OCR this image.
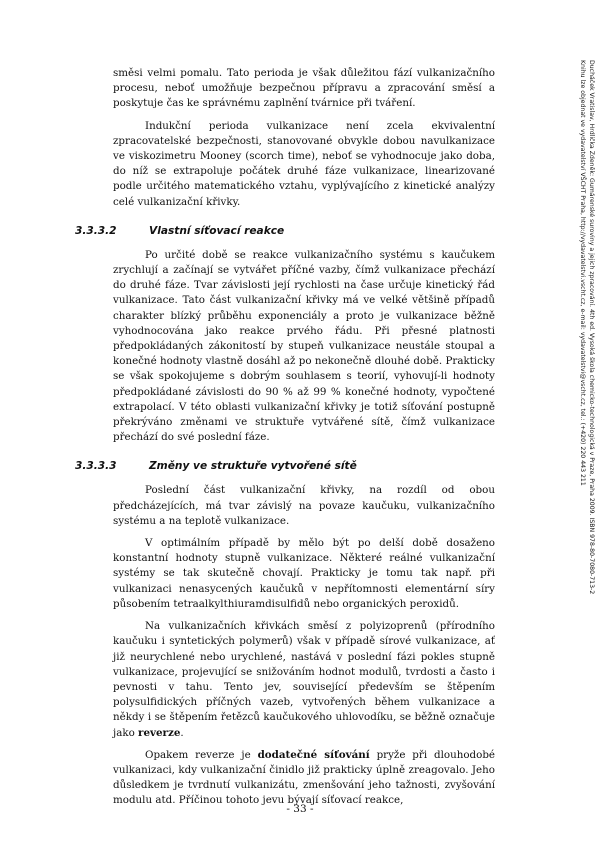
směsi velmi pomalu. Tato perioda je však důležitou fází vulkanizačního procesu, neboť umožňuje bezpečnou přípravu a zpracování směsí a poskytuje čas ke správnému zaplnění tvárnice při tváření.

Indukční perioda vulkanizace není zcela ekvivalentní zpracovatelské bezpečnosti, stanovované obvykle dobou navulkanizace ve viskozimetru Mooney (scorch time), neboť se vyhodnocuje jako doba, do níž se extrapoluje počátek druhé fáze vulkanizace, linearizované podle určitého matematického vztahu, vyplývajícího z kinetické analýzy celé vulkanizační křivky.

3.3.3.2	Vlastní síťovací reakce

Po určité době se reakce vulkanizačního systému s kaučukem zrychlují a začínají se vytvářet příčné vazby, čímž vulkanizace přechází do druhé fáze. Tvar závislosti její rychlosti na čase určuje kinetický řád vulkanizace. Tato část vulkanizační křivky má ve velké většině případů charakter blízký průběhu exponenciály a proto je vulkanizace běžně vyhodnocována jako reakce prvého řádu. Při přesné platnosti předpokládaných zákonitostí by stupeň vulkanizace neustále stoupal a konečné hodnoty vlastně dosáhl až po nekonečně dlouhé době. Prakticky se však spokojujeme s dobrým souhlasem s teorií, vyhovují-li hodnoty předpokládané závislosti do 90 % až 99 % konečné hodnoty, vypočtené extrapolací. V této oblasti vulkanizační křivky je totiž síťování postupně překrýváno změnami ve struktuře vytvářené sítě, čímž vulkanizace přechází do své poslední fáze.

3.3.3.3	Změny ve struktuře vytvořené sítě

Poslední část vulkanizační křivky, na rozdíl od obou předcházejících, má tvar závislý na povaze kaučuku, vulkanizačního systému a na teplotě vulkanizace.

V optimálním případě by mělo být po delší době dosaženo konstantní hodnoty stupně vulkanizace. Některé reálné vulkanizační systémy se tak skutečně chovají. Prakticky je tomu tak např. při vulkanizaci nenasycených kaučuků v nepřítomnosti elementární síry působením tetraalkylthiuramdisulfidů nebo organických peroxidů.

Na vulkanizačních křivkách směsí z polyizoprenů (přírodního kaučuku i syntetických polymerů) však v případě sírové vulkanizace, ať již neurychlené nebo urychlené, nastává v poslední fázi pokles stupně vulkanizace, projevující se snižováním hodnot modulů, tvrdosti a často i pevnosti v tahu. Tento jev, související především se štěpením polysulfidických příčných vazeb, vytvořených během vulkanizace a někdy i se štěpením řetězců kaučukového uhlovodíku, se běžně označuje jako reverze.

Opakem reverze je dodatečné síťování pryže při dlouhodobé vulkanizaci, kdy vulkanizační činidlo již prakticky úplně zreagovalo. Jeho důsledkem je tvrdnutí vulkanizátu, zmenšování jeho tažnosti, zvyšování modulu atd. Příčinou tohoto jevu bývají síťovací reakce,

Ducháček Vratislav, Hrdlička Zdeněk: Gumárenské suroviny a jejich zpracování. 4th ed. Vysoká škola chemicko-technologická v Praze, Praha 2009. ISBN 978-80-7080-713-2
Knihu lze objednat ve vydavatelství VŠCHT Praha, http://vydavatelstvi.vscht.cz, e-mail: vydavatelstvi@vscht.cz, tel.: (+420) 220 443 211
- 33 -
